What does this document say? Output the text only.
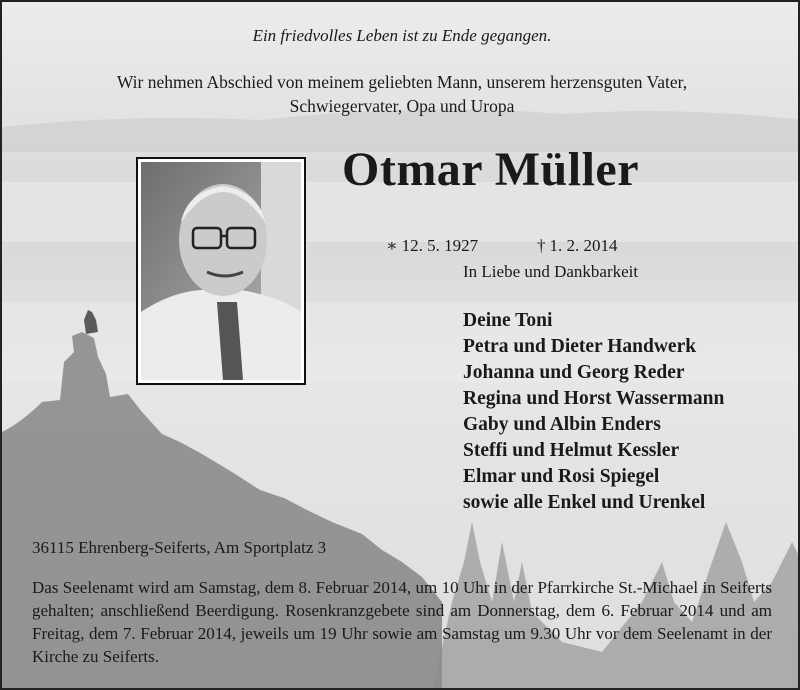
Ein friedvolles Leben ist zu Ende gegangen.
Wir nehmen Abschied von meinem geliebten Mann, unserem herzensguten Vater,
Schwiegervater, Opa und Uropa
Otmar Müller
∗ 12. 5. 1927	† 1. 2. 2014
In Liebe und Dankbarkeit
Deine Toni
Petra und Dieter Handwerk
Johanna und Georg Reder
Regina und Horst Wassermann
Gaby und Albin Enders
Steffi und Helmut Kessler
Elmar und Rosi Spiegel
sowie alle Enkel und Urenkel
36115 Ehrenberg-Seiferts, Am Sportplatz 3

Das Seelenamt wird am Samstag, dem 8. Februar 2014, um 10 Uhr in der Pfarrkirche St.-Michael in Seiferts gehalten; anschließend Beerdigung. Rosenkranzgebete sind am Donnerstag, dem 6. Februar 2014 und am Freitag, dem 7. Februar 2014, jeweils um 19 Uhr sowie am Samstag um 9.30 Uhr vor dem Seelenamt in der Kirche zu Seiferts.
